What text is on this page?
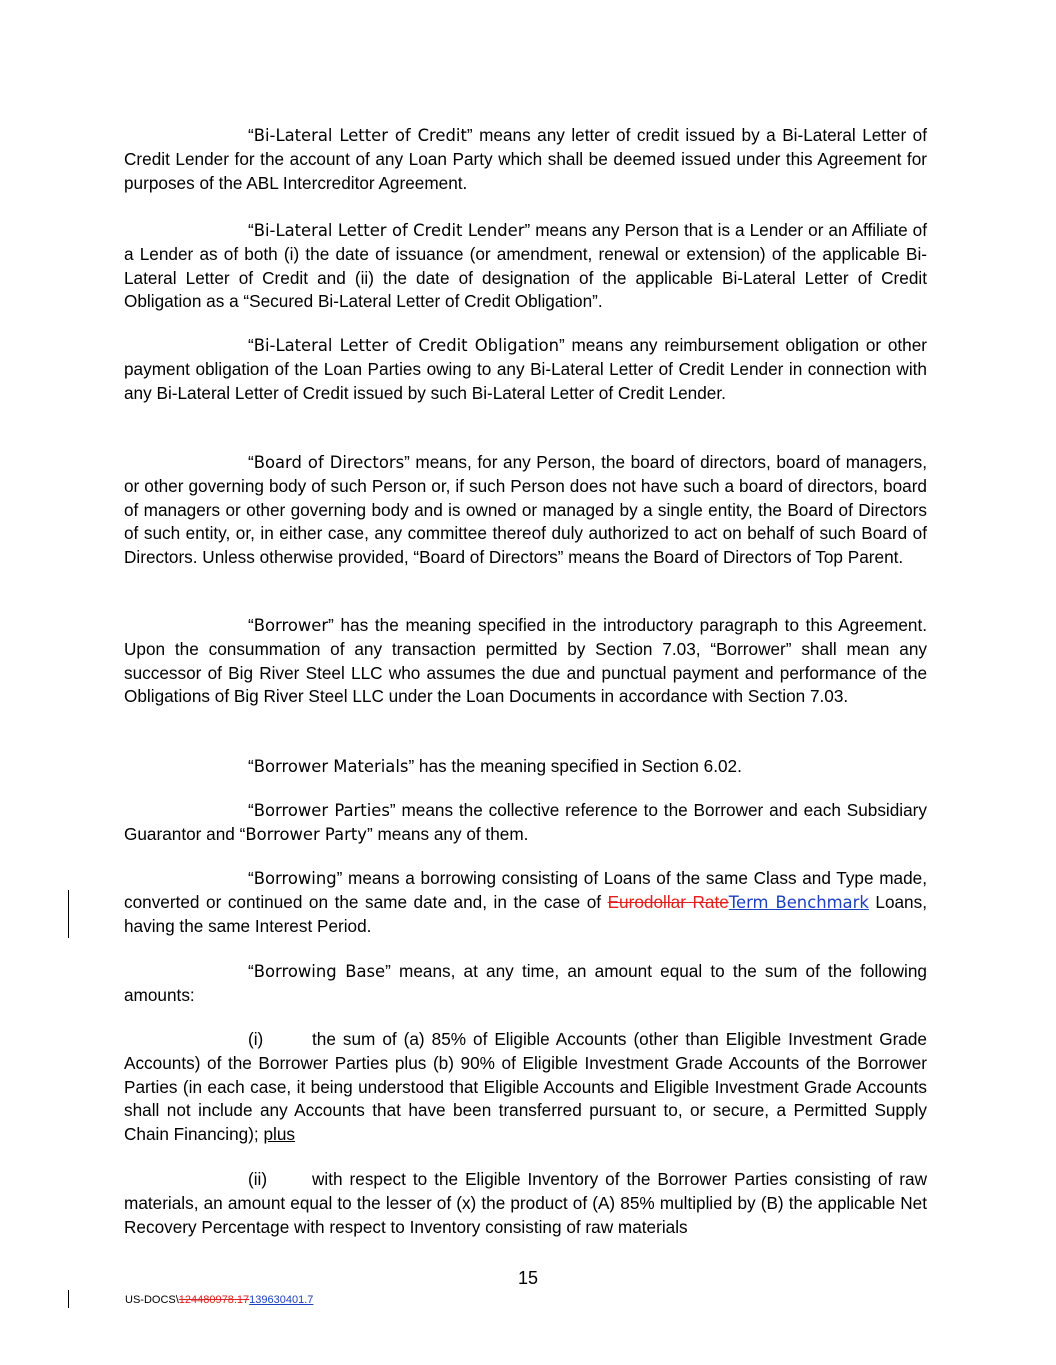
“Bi-Lateral Letter of Credit” means any letter of credit issued by a Bi-Lateral Letter of Credit Lender for the account of any Loan Party which shall be deemed issued under this Agreement for purposes of the ABL Intercreditor Agreement.

“Bi-Lateral Letter of Credit Lender” means any Person that is a Lender or an Affiliate of a Lender as of both (i) the date of issuance (or amendment, renewal or extension) of the applicable Bi-Lateral Letter of Credit and (ii) the date of designation of the applicable Bi-Lateral Letter of Credit Obligation as a “Secured Bi-Lateral Letter of Credit Obligation”.

“Bi-Lateral Letter of Credit Obligation” means any reimbursement obligation or other payment obligation of the Loan Parties owing to any Bi-Lateral Letter of Credit Lender in connection with any Bi-Lateral Letter of Credit issued by such Bi-Lateral Letter of Credit Lender.

“Board of Directors” means, for any Person, the board of directors, board of managers, or other governing body of such Person or, if such Person does not have such a board of directors, board of managers or other governing body and is owned or managed by a single entity, the Board of Directors of such entity, or, in either case, any committee thereof duly authorized to act on behalf of such Board of Directors. Unless otherwise provided, “Board of Directors” means the Board of Directors of Top Parent.

“Borrower” has the meaning specified in the introductory paragraph to this Agreement. Upon the consummation of any transaction permitted by Section 7.03, “Borrower” shall mean any successor of Big River Steel LLC who assumes the due and punctual payment and performance of the Obligations of Big River Steel LLC under the Loan Documents in accordance with Section 7.03.

“Borrower Materials” has the meaning specified in Section 6.02.

“Borrower Parties” means the collective reference to the Borrower and each Subsidiary Guarantor and “Borrower Party” means any of them.

“Borrowing” means a borrowing consisting of Loans of the same Class and Type made, converted or continued on the same date and, in the case of Eurodollar RateTerm Benchmark Loans, having the same Interest Period.

“Borrowing Base” means, at any time, an amount equal to the sum of the following amounts:

(i)	the sum of (a) 85% of Eligible Accounts (other than Eligible Investment Grade Accounts) of the Borrower Parties plus (b) 90% of Eligible Investment Grade Accounts of the Borrower Parties (in each case, it being understood that Eligible Accounts and Eligible Investment Grade Accounts shall not include any Accounts that have been transferred pursuant to, or secure, a Permitted Supply Chain Financing); plus

(ii)	with respect to the Eligible Inventory of the Borrower Parties consisting of raw materials, an amount equal to the lesser of (x) the product of (A) 85% multiplied by (B) the applicable Net Recovery Percentage with respect to Inventory consisting of raw materials

15
US-DOCS\124480978.17139630401.7
